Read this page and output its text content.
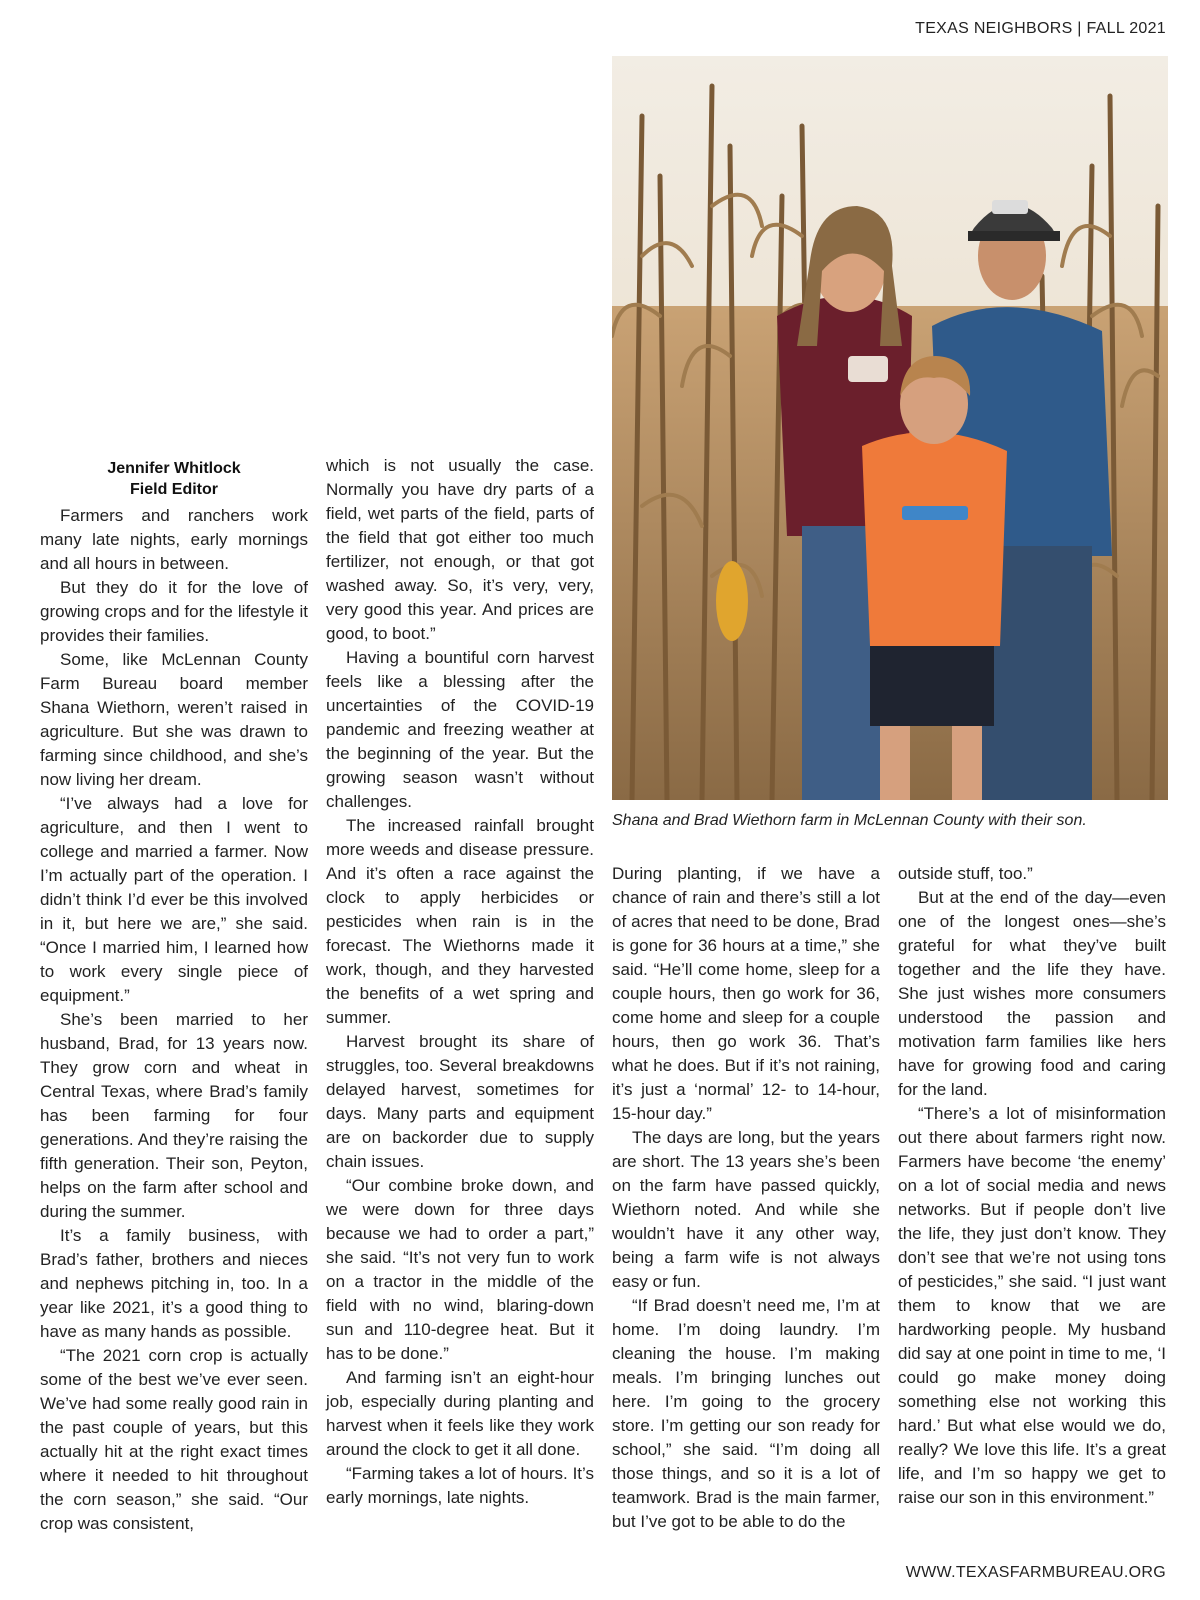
TEXAS NEIGHBORS | FALL 2021
Shana and Brad Wiethorn farm in McLennan County with their son.
Jennifer Whitlock
Field Editor

Farmers and ranchers work many late nights, early mornings and all hours in between.

But they do it for the love of growing crops and for the lifestyle it provides their families.

Some, like McLennan County Farm Bureau board member Shana Wiethorn, weren’t raised in agriculture. But she was drawn to farming since childhood, and she’s now living her dream.

“I’ve always had a love for agriculture, and then I went to college and married a farmer. Now I’m actually part of the operation. I didn’t think I’d ever be this involved in it, but here we are,” she said. “Once I married him, I learned how to work every single piece of equipment.”

She’s been married to her husband, Brad, for 13 years now. They grow corn and wheat in Central Texas, where Brad’s family has been farming for four generations. And they’re raising the fifth generation. Their son, Peyton, helps on the farm after school and during the summer.

It’s a family business, with Brad’s father, brothers and nieces and nephews pitching in, too. In a year like 2021, it’s a good thing to have as many hands as possible.

“The 2021 corn crop is actually some of the best we’ve ever seen. We’ve had some really good rain in the past couple of years, but this actually hit at the right exact times where it needed to hit throughout the corn season,” she said. “Our crop was consistent,

which is not usually the case. Normally you have dry parts of a field, wet parts of the field, parts of the field that got either too much fertilizer, not enough, or that got washed away. So, it’s very, very, very good this year. And prices are good, to boot.”

Having a bountiful corn harvest feels like a blessing after the uncertainties of the COVID-19 pandemic and freezing weather at the beginning of the year. But the growing season wasn’t without challenges.

The increased rainfall brought more weeds and disease pressure. And it’s often a race against the clock to apply herbicides or pesticides when rain is in the forecast. The Wiethorns made it work, though, and they harvested the benefits of a wet spring and summer.

Harvest brought its share of struggles, too. Several breakdowns delayed harvest, sometimes for days. Many parts and equipment are on backorder due to supply chain issues.

“Our combine broke down, and we were down for three days because we had to order a part,” she said. “It’s not very fun to work on a tractor in the middle of the field with no wind, blaring-down sun and 110-degree heat. But it has to be done.”

And farming isn’t an eight-hour job, especially during planting and harvest when it feels like they work around the clock to get it all done.

“Farming takes a lot of hours. It’s early mornings, late nights.

During planting, if we have a chance of rain and there’s still a lot of acres that need to be done, Brad is gone for 36 hours at a time,” she said. “He’ll come home, sleep for a couple hours, then go work for 36, come home and sleep for a couple hours, then go work 36. That’s what he does. But if it’s not raining, it’s just a ‘normal’ 12- to 14-hour, 15-hour day.”

The days are long, but the years are short. The 13 years she’s been on the farm have passed quickly, Wiethorn noted. And while she wouldn’t have it any other way, being a farm wife is not always easy or fun.

“If Brad doesn’t need me, I’m at home. I’m doing laundry. I’m cleaning the house. I’m making meals. I’m bringing lunches out here. I’m going to the grocery store. I’m getting our son ready for school,” she said. “I’m doing all those things, and so it is a lot of teamwork. Brad is the main farmer, but I’ve got to be able to do the

outside stuff, too.”

But at the end of the day—even one of the longest ones—she’s grateful for what they’ve built together and the life they have. She just wishes more consumers understood the passion and motivation farm families like hers have for growing food and caring for the land.

“There’s a lot of misinformation out there about farmers right now. Farmers have become ‘the enemy’ on a lot of social media and news networks. But if people don’t live the life, they just don’t know. They don’t see that we’re not using tons of pesticides,” she said. “I just want them to know that we are hardworking people. My husband did say at one point in time to me, ‘I could go make money doing something else not working this hard.’ But what else would we do, really? We love this life. It’s a great life, and I’m so happy we get to raise our son in this environment.”

WWW.TEXASFARMBUREAU.ORG
